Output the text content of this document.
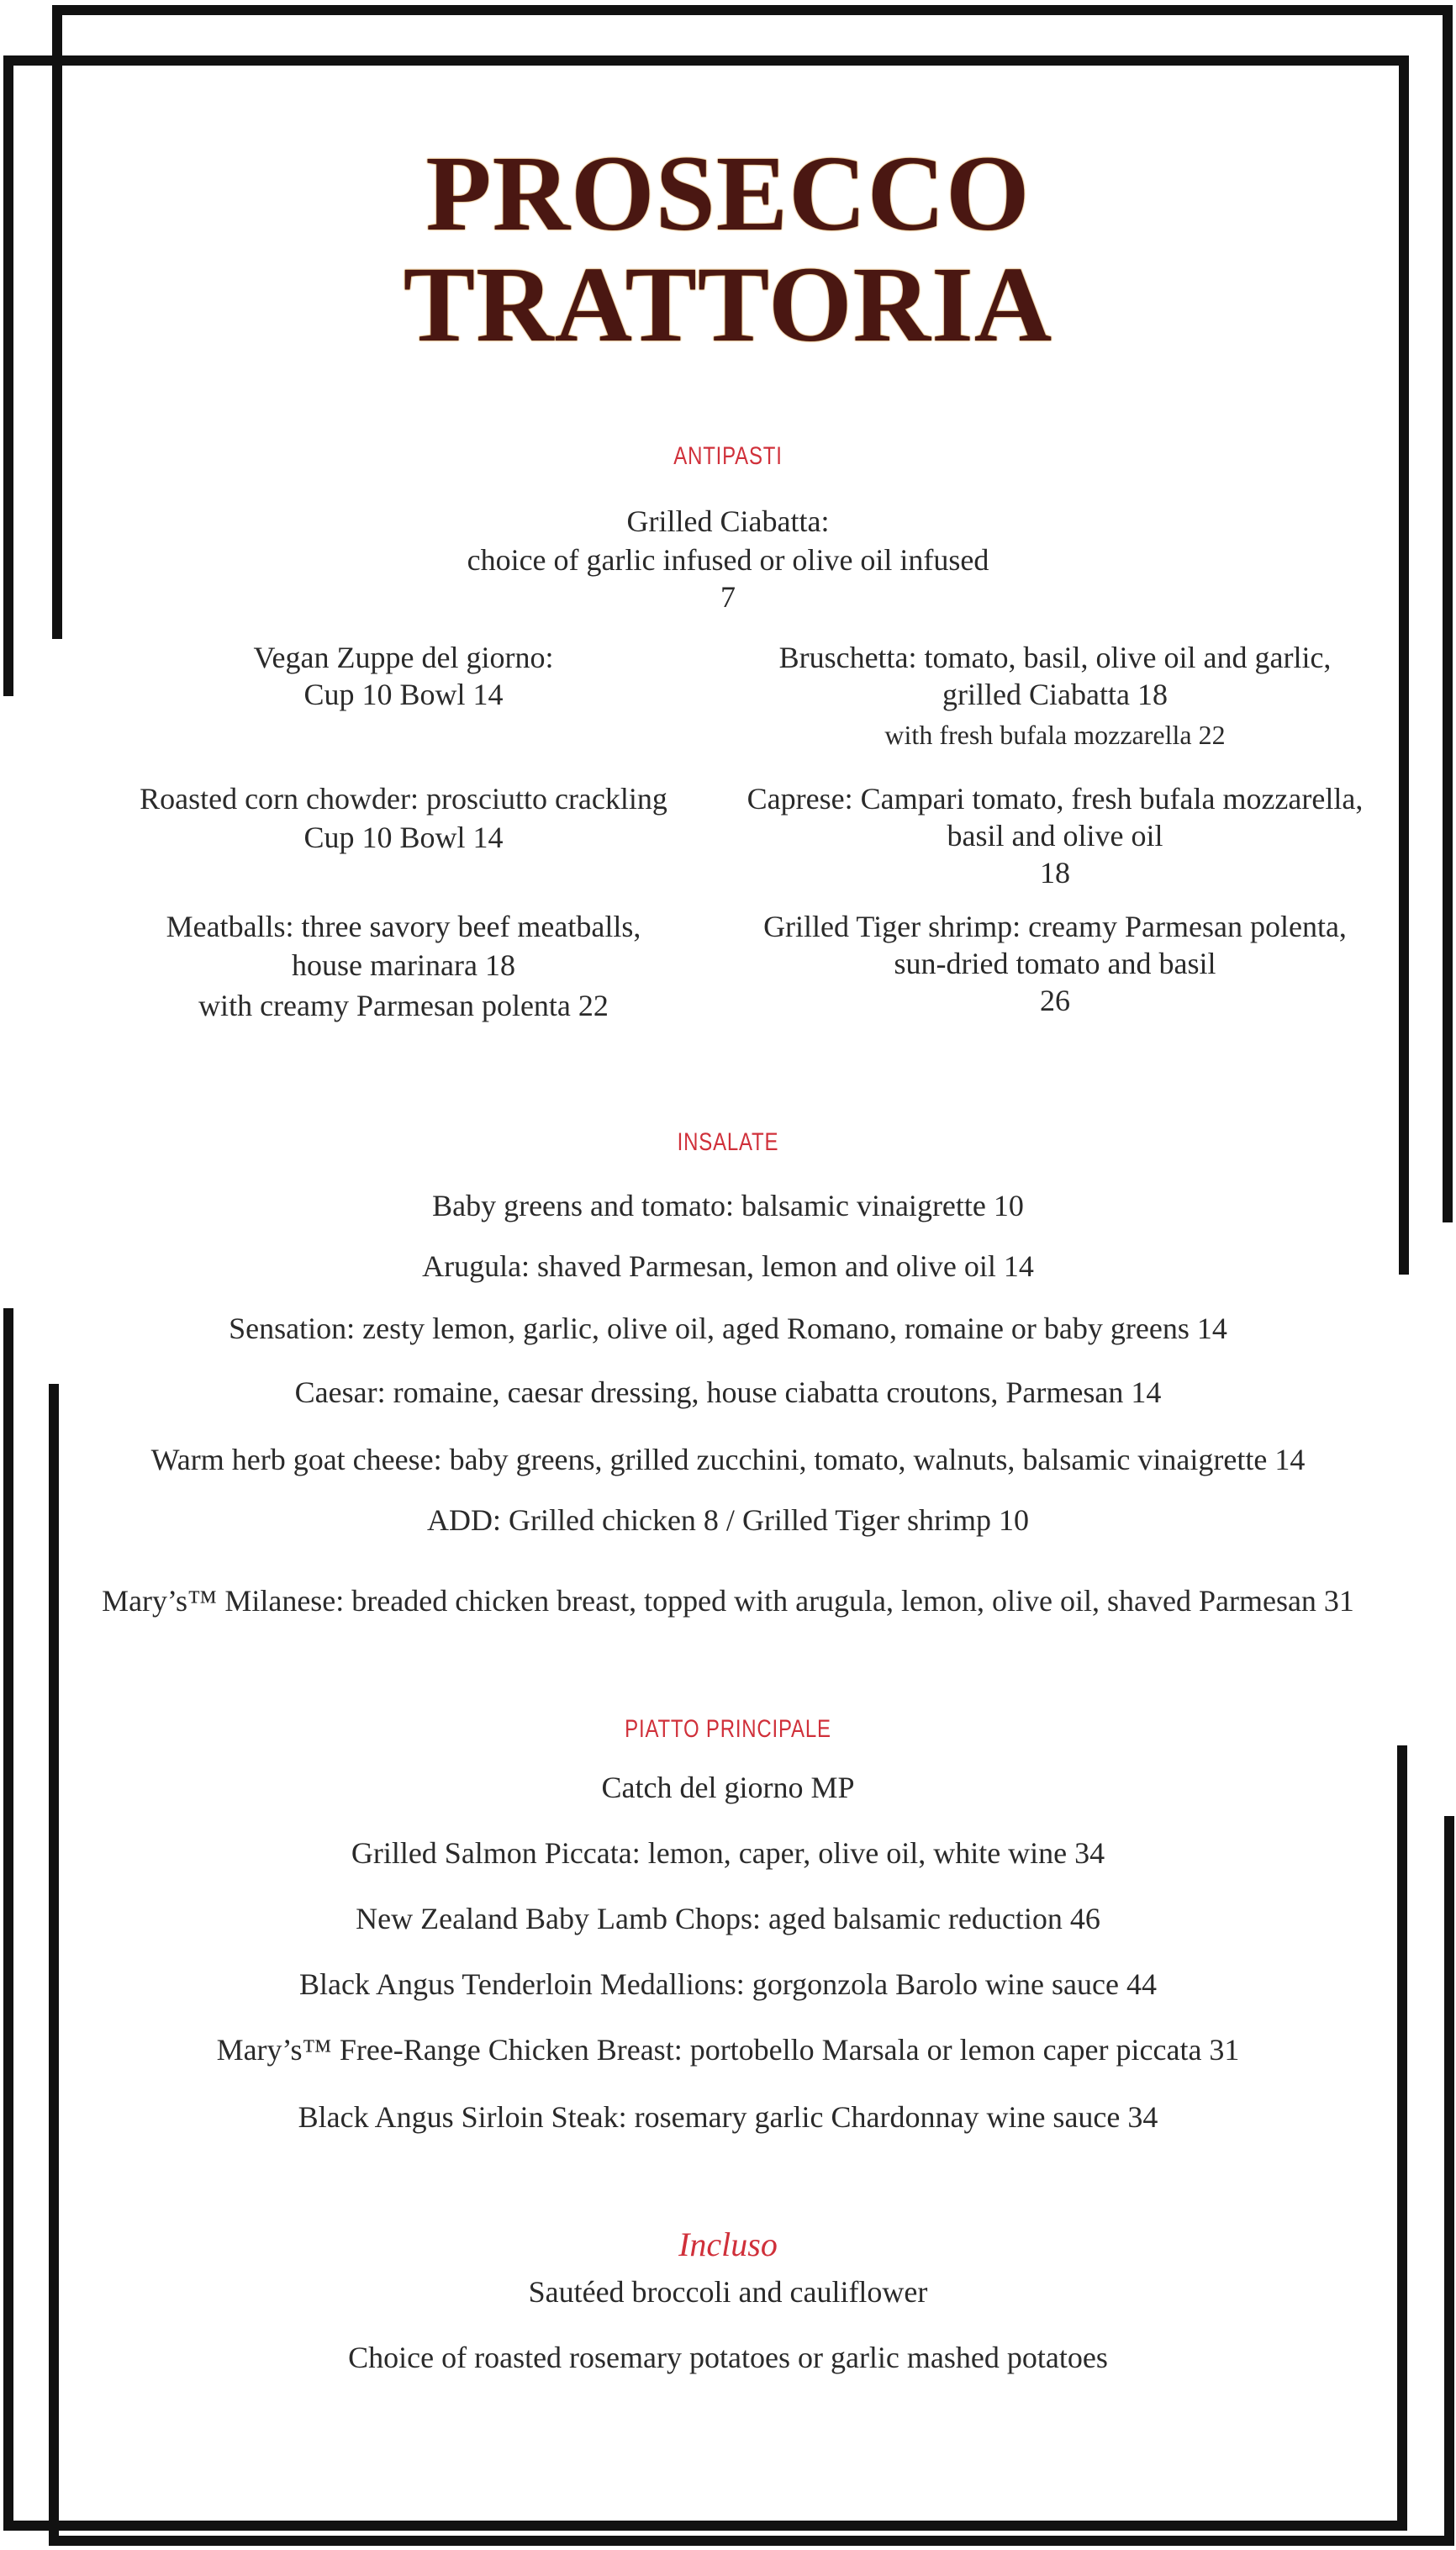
PROSECCO
TRATTORIA
ANTIPASTI
Grilled Ciabatta:
choice of garlic infused or olive oil infused
7
Vegan Zuppe del giorno:
Cup 10 Bowl 14
Roasted corn chowder: prosciutto crackling
Cup 10 Bowl 14
Meatballs: three savory beef meatballs,
house marinara 18
with creamy Parmesan polenta 22
Bruschetta: tomato, basil, olive oil and garlic,
grilled Ciabatta 18
with fresh bufala mozzarella 22
Caprese: Campari tomato, fresh bufala mozzarella,
basil and olive oil
18
Grilled Tiger shrimp: creamy Parmesan polenta,
sun-dried tomato and basil
26
INSALATE
Baby greens and tomato: balsamic vinaigrette 10
Arugula: shaved Parmesan, lemon and olive oil 14
Sensation: zesty lemon, garlic, olive oil, aged Romano, romaine or baby greens 14
Caesar: romaine, caesar dressing, house ciabatta croutons, Parmesan 14
Warm herb goat cheese: baby greens, grilled zucchini, tomato, walnuts, balsamic vinaigrette 14
ADD: Grilled chicken 8 / Grilled Tiger shrimp 10
Mary’s™ Milanese: breaded chicken breast, topped with arugula, lemon, olive oil, shaved Parmesan 31
PIATTO PRINCIPALE
Catch del giorno MP
Grilled Salmon Piccata: lemon, caper, olive oil, white wine 34
New Zealand Baby Lamb Chops: aged balsamic reduction 46
Black Angus Tenderloin Medallions: gorgonzola Barolo wine sauce 44
Mary’s™ Free-Range Chicken Breast: portobello Marsala or lemon caper piccata 31
Black Angus Sirloin Steak: rosemary garlic Chardonnay wine sauce 34
Incluso
Sautéed broccoli and cauliflower
Choice of roasted rosemary potatoes or garlic mashed potatoes
